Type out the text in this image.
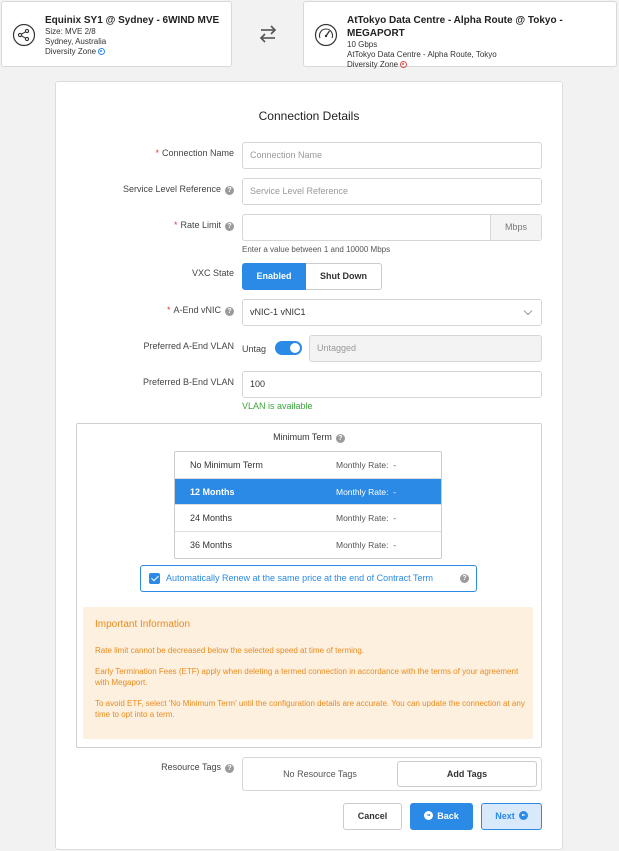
Equinix SY1 @ Sydney - 6WIND MVE
Size: MVE 2/8
Sydney, Australia
Diversity Zone
AtTokyo Data Centre - Alpha Route @ Tokyo - MEGAPORT
10 Gbps
AtTokyo Data Centre - Alpha Route, Tokyo
Diversity Zone
Connection Details
* Connection Name	Connection Name
Service Level Reference ?	Service Level Reference
* Rate Limit ?	Mbps
Enter a value between 1 and 10000 Mbps
VXC State	Enabled	Shut Down
* A-End vNIC ?	vNIC-1 vNIC1
Preferred A-End VLAN Untag	Untagged
Preferred B-End VLAN	100
VLAN is available
Minimum Term ?
No Minimum Term	Monthly Rate: -
12 Months	Monthly Rate: -
24 Months	Monthly Rate: -
36 Months	Monthly Rate: -
Automatically Renew at the same price at the end of Contract Term	?
Important Information

Rate limit cannot be decreased below the selected speed at time of terming.

Early Termination Fees (ETF) apply when deleting a termed connection in accordance with the terms of your agreement with Megaport.

To avoid ETF, select 'No Minimum Term' until the configuration details are accurate. You can update the connection at any time to opt into a term.

Resource Tags ?
No Resource Tags	Add Tags
Cancel	Back	Next
